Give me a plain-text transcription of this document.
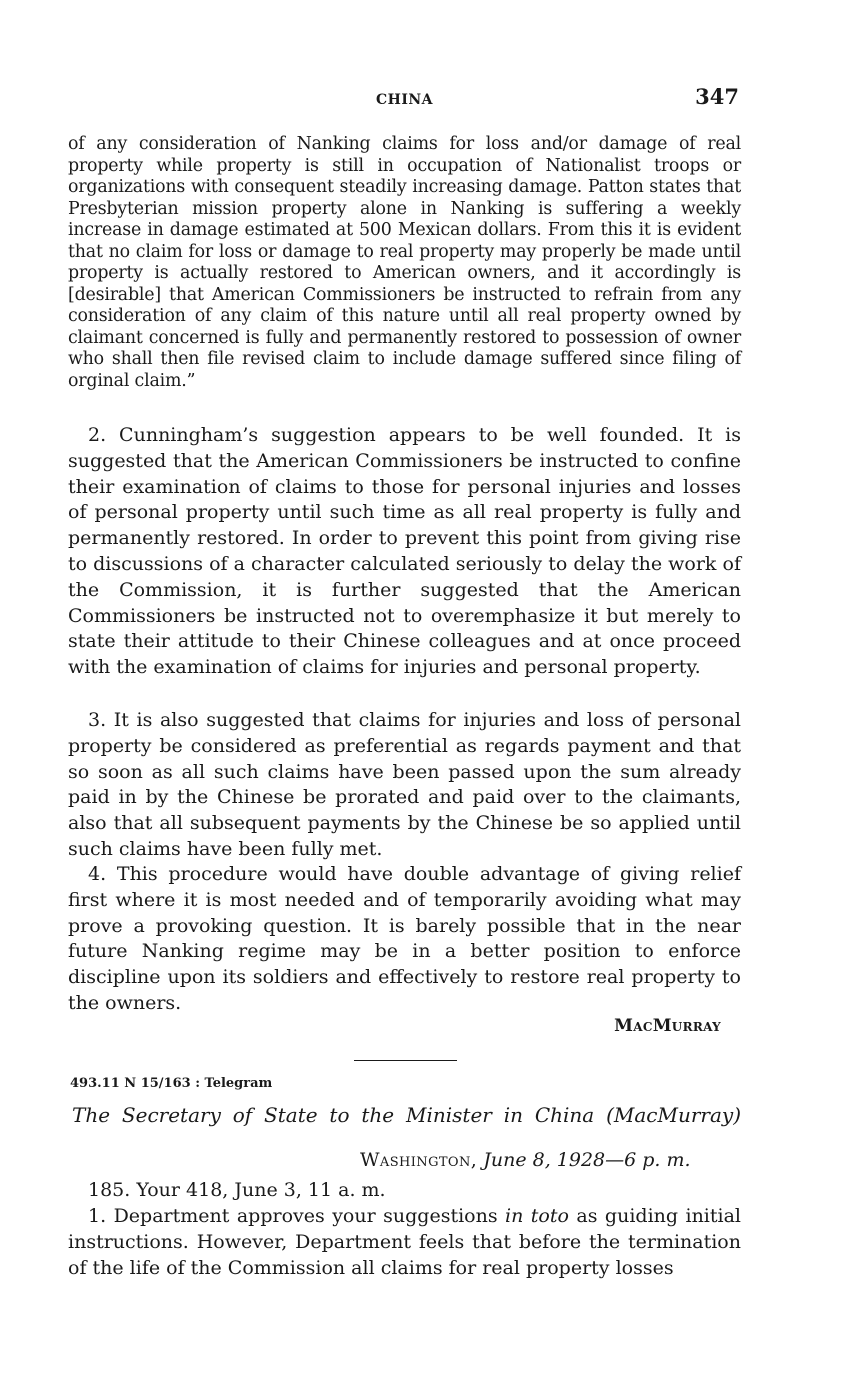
CHINA	347

of any consideration of Nanking claims for loss and/or damage of real property while property is still in occupation of Nationalist troops or organizations with consequent steadily increasing damage. Patton states that Presbyterian mission property alone in Nanking is suffering a weekly increase in damage estimated at 500 Mexican dollars. From this it is evident that no claim for loss or damage to real property may properly be made until property is actually restored to American owners, and it accordingly is [desirable] that American Commissioners be instructed to refrain from any consideration of any claim of this nature until all real property owned by claimant concerned is fully and permanently restored to possession of owner who shall then file revised claim to include damage suffered since filing of orginal claim.”

2. Cunningham’s suggestion appears to be well founded. It is suggested that the American Commissioners be instructed to confine their examination of claims to those for personal injuries and losses of personal property until such time as all real property is fully and permanently restored. In order to prevent this point from giving rise to discussions of a character calculated seriously to delay the work of the Commission, it is further suggested that the American Commissioners be instructed not to overemphasize it but merely to state their attitude to their Chinese colleagues and at once proceed with the examination of claims for injuries and personal property.

3. It is also suggested that claims for injuries and loss of personal property be considered as preferential as regards payment and that so soon as all such claims have been passed upon the sum already paid in by the Chinese be prorated and paid over to the claimants, also that all subsequent payments by the Chinese be so applied until such claims have been fully met.

4. This procedure would have double advantage of giving relief first where it is most needed and of temporarily avoiding what may prove a provoking question. It is barely possible that in the near future Nanking regime may be in a better position to enforce discipline upon its soldiers and effectively to restore real property to the owners.

MacMurray
493.11 N 15/163 : Telegram
The Secretary of State to the Minister in China (MacMurray)
Washington, June 8, 1928—6 p. m.

185. Your 418, June 3, 11 a. m.

1. Department approves your suggestions in toto as guiding initial instructions. However, Department feels that before the termination of the life of the Commission all claims for real property losses
